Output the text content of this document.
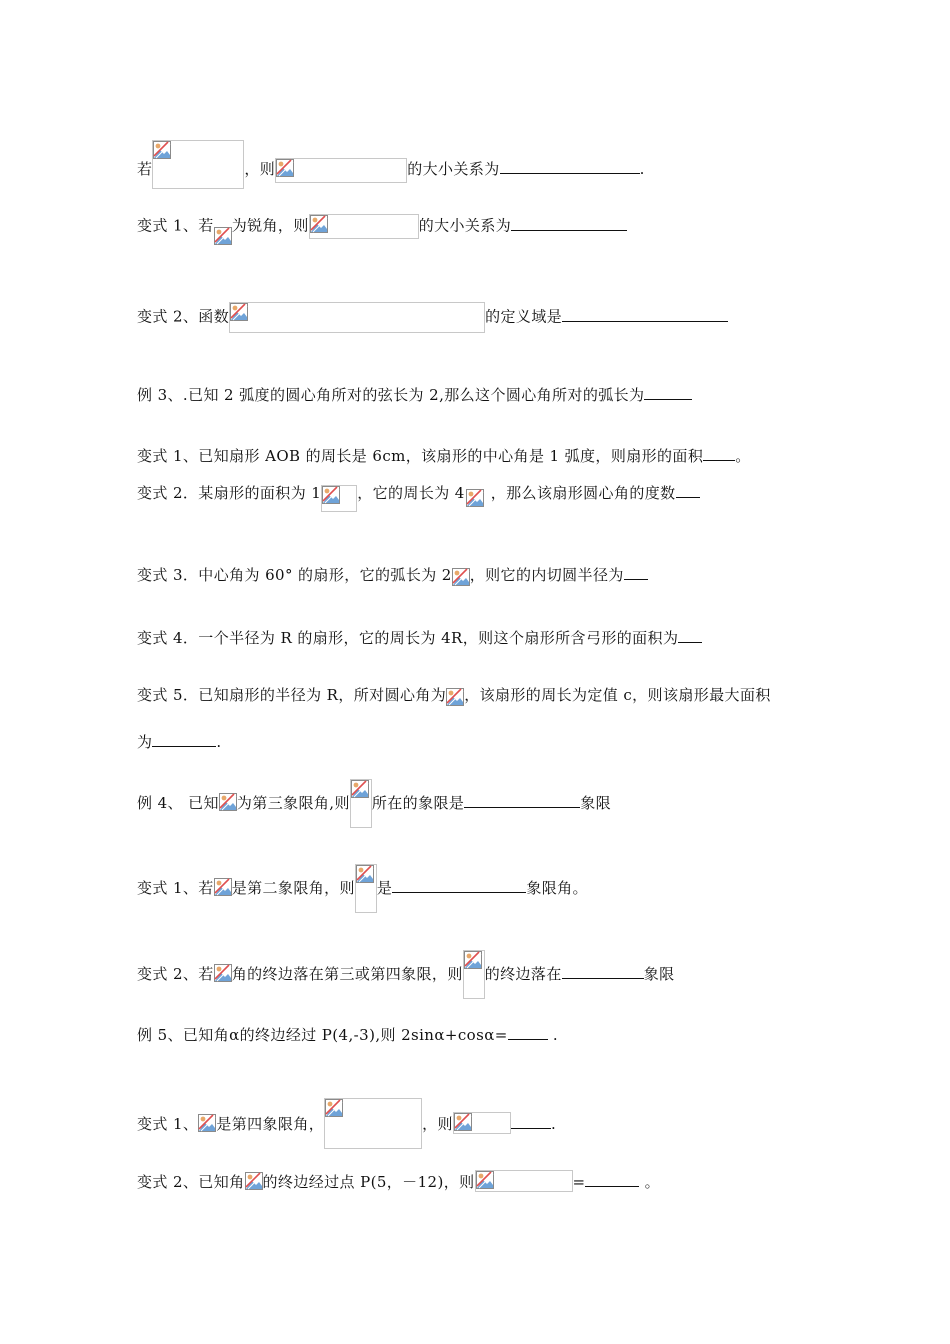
若	，则	的大小关系为	.
变式 1、若 为锐角，则	的大小关系为
变式 2、函数	的定义域是
例 3、.已知 2 弧度的圆心角所对的弦长为 2,那么这个圆心角所对的弧长为
变式 1、已知扇形 AOB 的周长是 6cm，该扇形的中心角是 1 弧度，则扇形的面积 。
变式 2．某扇形的面积为 1 ，它的周长为 4 ，那么该扇形圆心角的度数
变式 3．中心角为 60° 的扇形，它的弧长为 2 ，则它的内切圆半径为
变式 4．一个半径为 R 的扇形，它的周长为 4R，则这个扇形所含弓形的面积为
变式 5．已知扇形的半径为 R，所对圆心角为 ，该扇形的周长为定值 c，则该扇形最大面积
为	.
例 4、 已知 为第三象限角,则 所在的象限是	象限
变式 1、若 是第二象限角，则 是	象限角。
变式 2、若 角的终边落在第三或第四象限，则 的终边落在	象限
例 5、已知角α的终边经过 P(4,-3),则 2sinα+cosα=	.
变式 1、 是第四象限角，	，则	.
变式 2、已知角 的终边经过点 P(5，－12)，则	=	。
